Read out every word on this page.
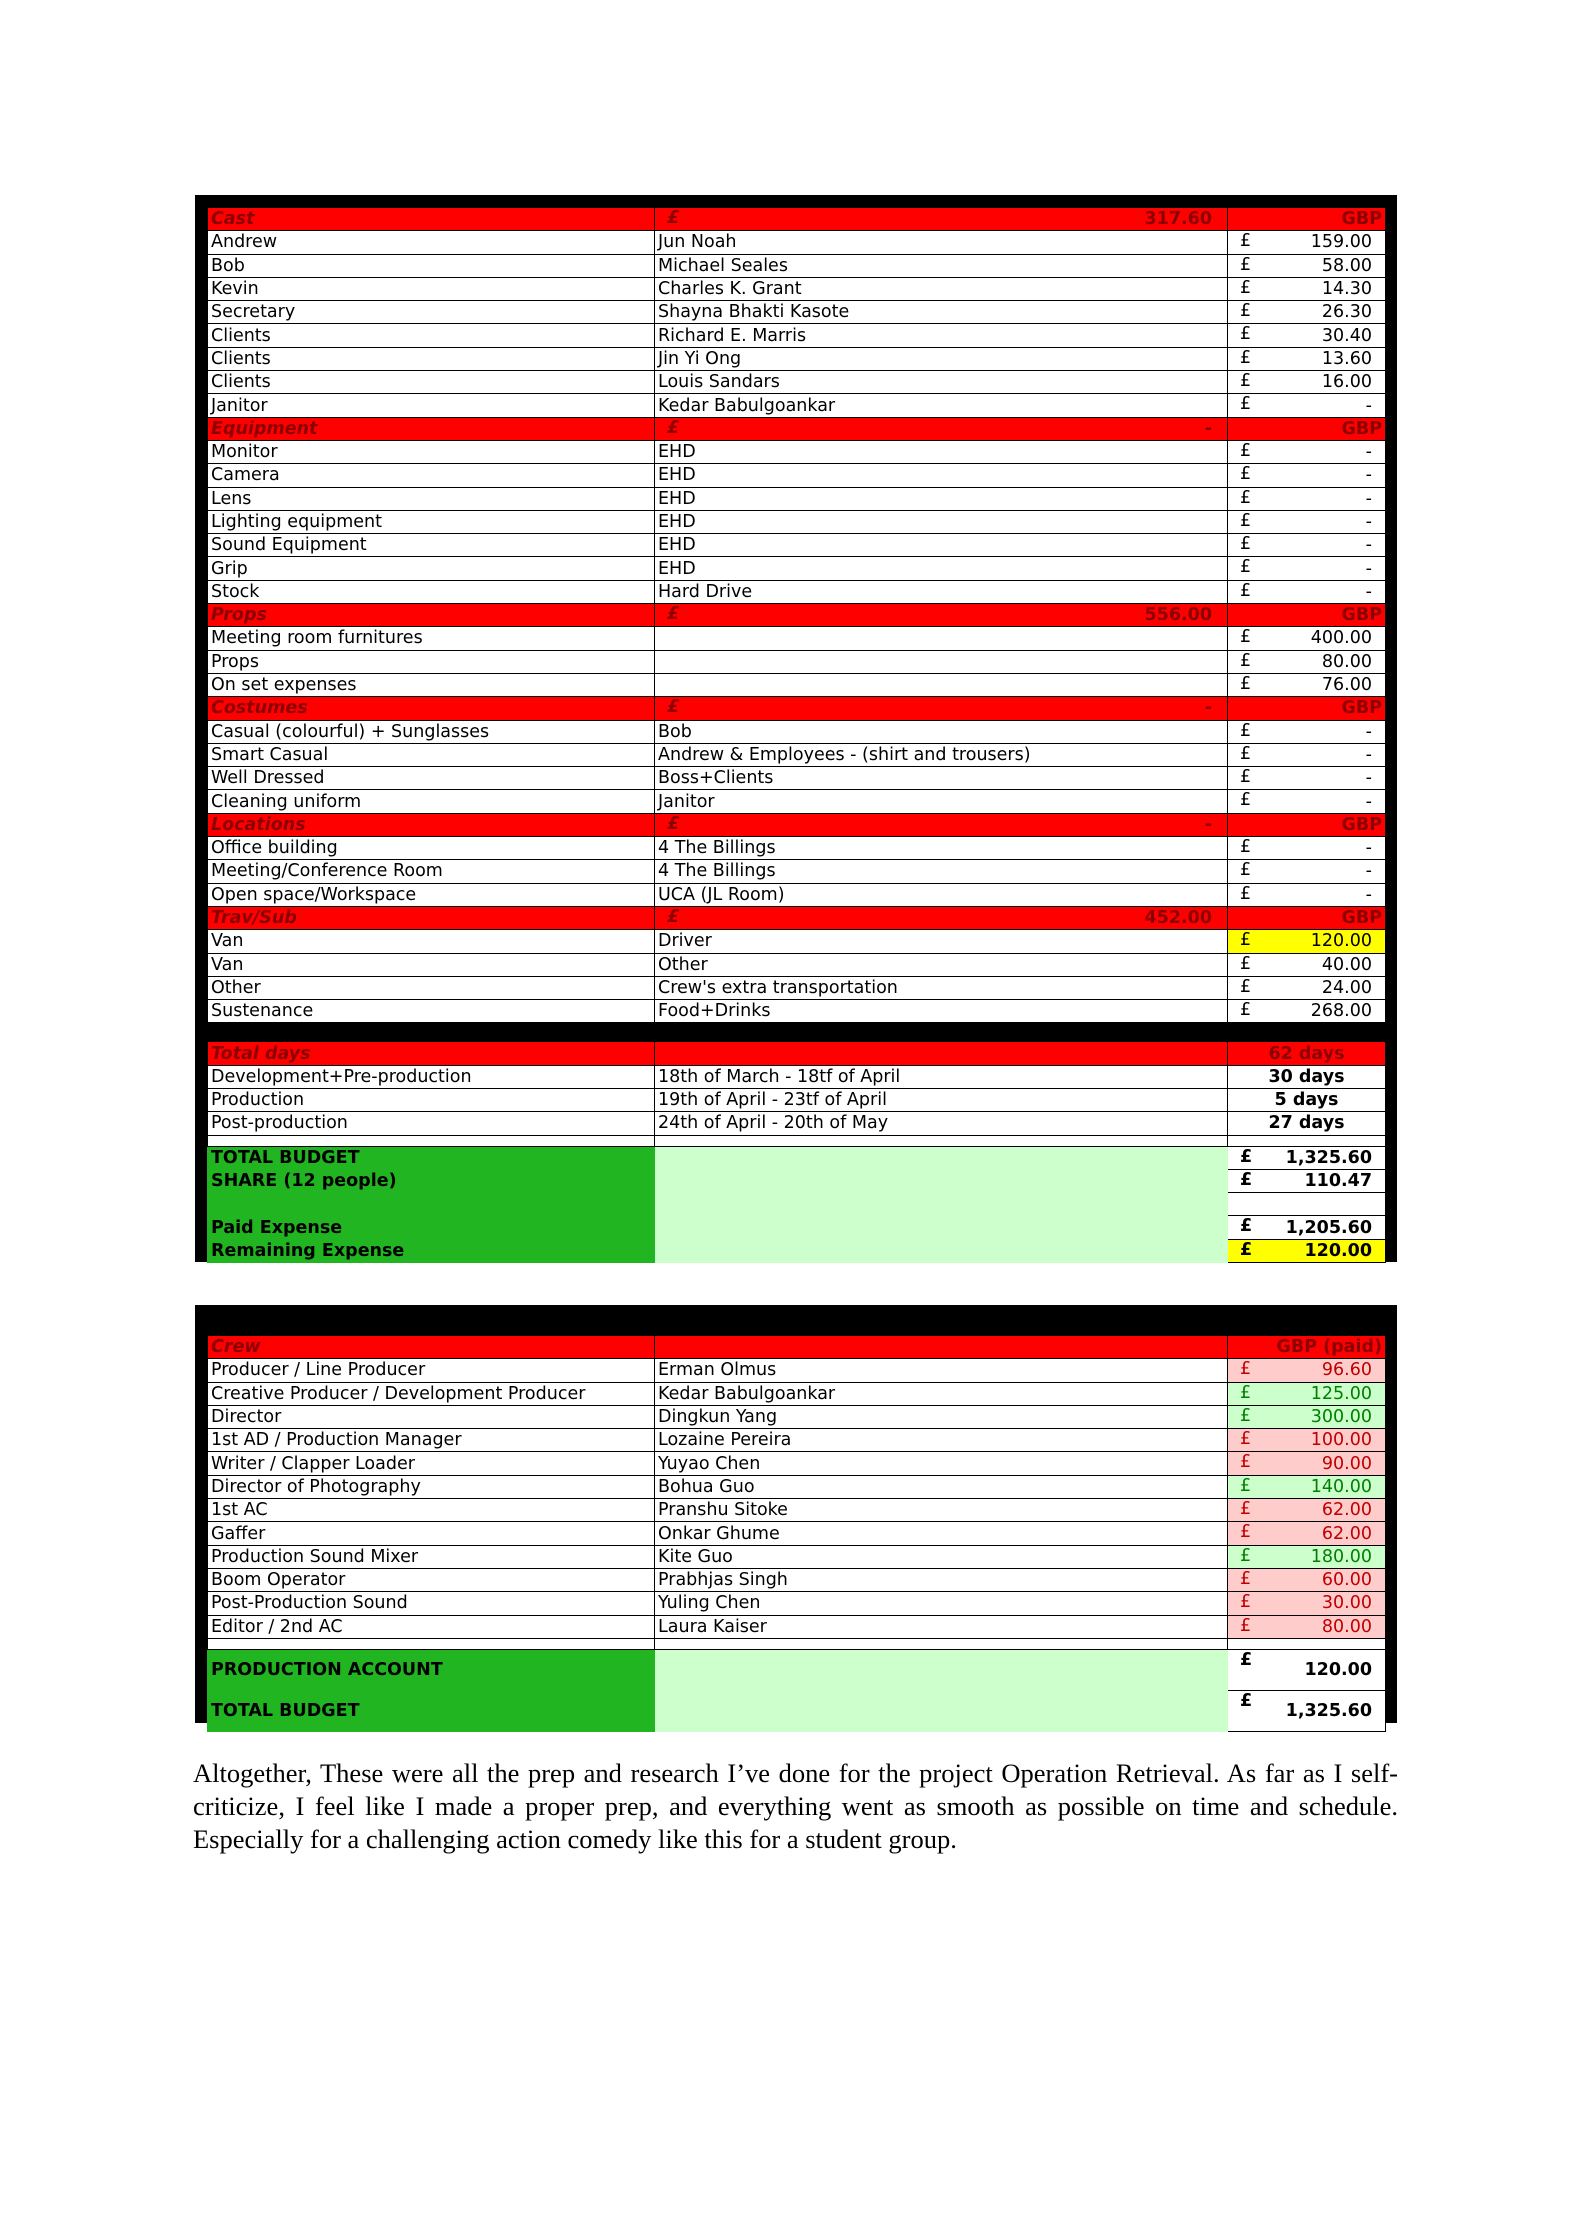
Cast	£ 317.60	GBP
Andrew	Jun Noah	£ 159.00

Bob	Michael Seales	£ 58.00

Kevin	Charles K. Grant	£ 14.30

Secretary	Shayna Bhakti Kasote	£ 26.30

Clients	Richard E. Marris	£ 30.40

Clients	Jin Yi Ong	£ 13.60

Clients	Louis Sandars	£ 16.00

Janitor	Kedar Babulgoankar	£ -

Equipment	£ -	GBP
Monitor	EHD	£ -

Camera	EHD	£ -

Lens	EHD	£ -

Lighting equipment	EHD	£ -

Sound Equipment	EHD	£ -

Grip	EHD	£ -

Stock	Hard Drive	£ -

Props	£ 556.00	GBP
Meeting room furnitures		£ 400.00

Props		£ 80.00

On set expenses		£ 76.00

Costumes	£ -	GBP
Casual (colourful) + Sunglasses	Bob	£ -

Smart Casual	Andrew & Employees - (shirt and trousers)	£ -

Well Dressed	Boss+Clients	£ -

Cleaning uniform	Janitor	£ -

Locations	£ -	GBP
Office building	4 The Billings	£ -

Meeting/Conference Room	4 The Billings	£ -

Open space/Workspace	UCA (JL Room)	£ -

Trav/Sub	£ 452.00	GBP
Van	Driver	£ 120.00

Van	Other	£ 40.00

Other	Crew's extra transportation	£ 24.00

Sustenance	Food+Drinks	£ 268.00

Total days		62 days
Development+Pre-production	18th of March - 18tf of April	30 days
Production	19th of April - 23tf of April	5 days
Post-production	24th of April - 20th of May	27 days

TOTAL BUDGET		£ 1,325.60

SHARE (12 people)		£ 110.47

Paid Expense		£ 1,205.60

Remaining Expense		£ 120.00
Crew		GBP (paid)
Producer / Line Producer	Erman Olmus	£ 96.60

Creative Producer / Development Producer	Kedar Babulgoankar	£ 125.00

Director	Dingkun Yang	£ 300.00

1st AD / Production Manager	Lozaine Pereira	£ 100.00

Writer / Clapper Loader	Yuyao Chen	£ 90.00

Director of Photography	Bohua Guo	£ 140.00

1st AC	Pranshu Sitoke	£ 62.00

Gaffer	Onkar Ghume	£ 62.00

Production Sound Mixer	Kite Guo	£ 180.00

Boom Operator	Prabhjas Singh	£ 60.00

Post-Production Sound	Yuling Chen	£ 30.00

Editor / 2nd AC	Laura Kaiser	£ 80.00

PRODUCTION ACCOUNT		£ 120.00

TOTAL BUDGET		£ 1,325.60

Altogether, These were all the prep and research I’ve done for the project Operation Retrieval. As far as I self-criticize, I feel like I made a proper prep, and everything went as smooth as possible on time and schedule. Especially for a challenging action comedy like this for a student group.
